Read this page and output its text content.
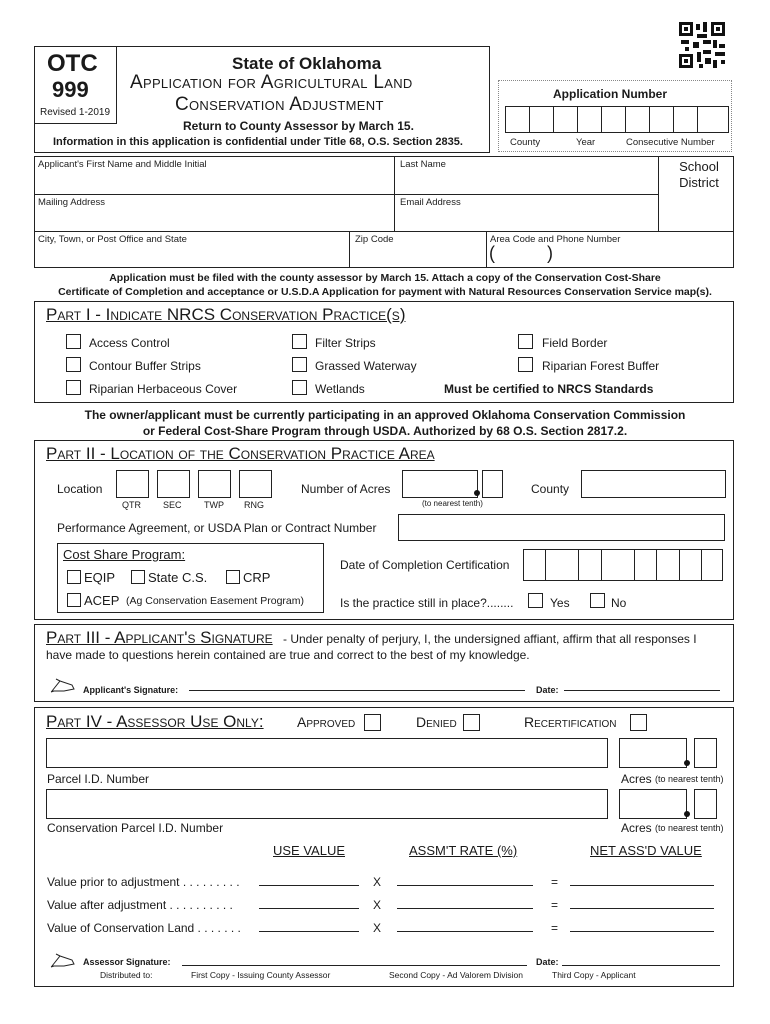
OTC
999
Revised 1-2019
State of Oklahoma
Application for Agricultural Land
Conservation Adjustment
Return to County Assessor by March 15.
Information in this application is confidential under Title 68, O.S. Section 2835.
Application Number
County	Year	Consecutive Number
Applicant's First Name and Middle Initial	Last Name	School District
Mailing Address	Email Address
City, Town, or Post Office and State	Zip Code	Area Code and Phone Number
(	)
Application must be filed with the county assessor by March 15. Attach a copy of the Conservation Cost-Share
Certificate of Completion and acceptance or U.S.D.A Application for payment with Natural Resources Conservation Service map(s).
Part I - Indicate NRCS Conservation Practice(s)
Access Control	Filter Strips	Field Border
Contour Buffer Strips	Grassed Waterway	Riparian Forest Buffer
Riparian Herbaceous Cover	Wetlands	Must be certified to NRCS Standards
The owner/applicant must be currently participating in an approved Oklahoma Conservation Commission
or Federal Cost-Share Program through USDA. Authorized by 68 O.S. Section 2817.2.
Part II - Location of the Conservation Practice Area
Location
QTR SEC TWP RNG
Number of Acres
(to nearest tenth)
County
Performance Agreement, or USDA Plan or Contract Number
Cost Share Program:
EQIP	State C.S.	CRP
ACEP (Ag Conservation Easement Program)
Date of Completion Certification
Is the practice still in place?........	Yes	No
Part III - Applicant's Signature - Under penalty of perjury, I, the undersigned affiant, affirm that all responses I
have made to questions herein contained are true and correct to the best of my knowledge.
Applicant's Signature:	Date:
Part IV - Assessor Use Only: Approved	Denied	Recertification
Parcel I.D. Number	Acres (to nearest tenth)
Conservation Parcel I.D. Number	Acres (to nearest tenth)
USE VALUE	ASSM'T RATE (%)	NET ASS'D VALUE
Value prior to adjustment . . . . . . . . .	X	=
Value after adjustment . . . . . . . . . .	X	=
Value of Conservation Land . . . . . . .	X	=
Assessor Signature:	Date:
Distributed to:	First Copy - Issuing County Assessor	Second Copy - Ad Valorem Division	Third Copy - Applicant
